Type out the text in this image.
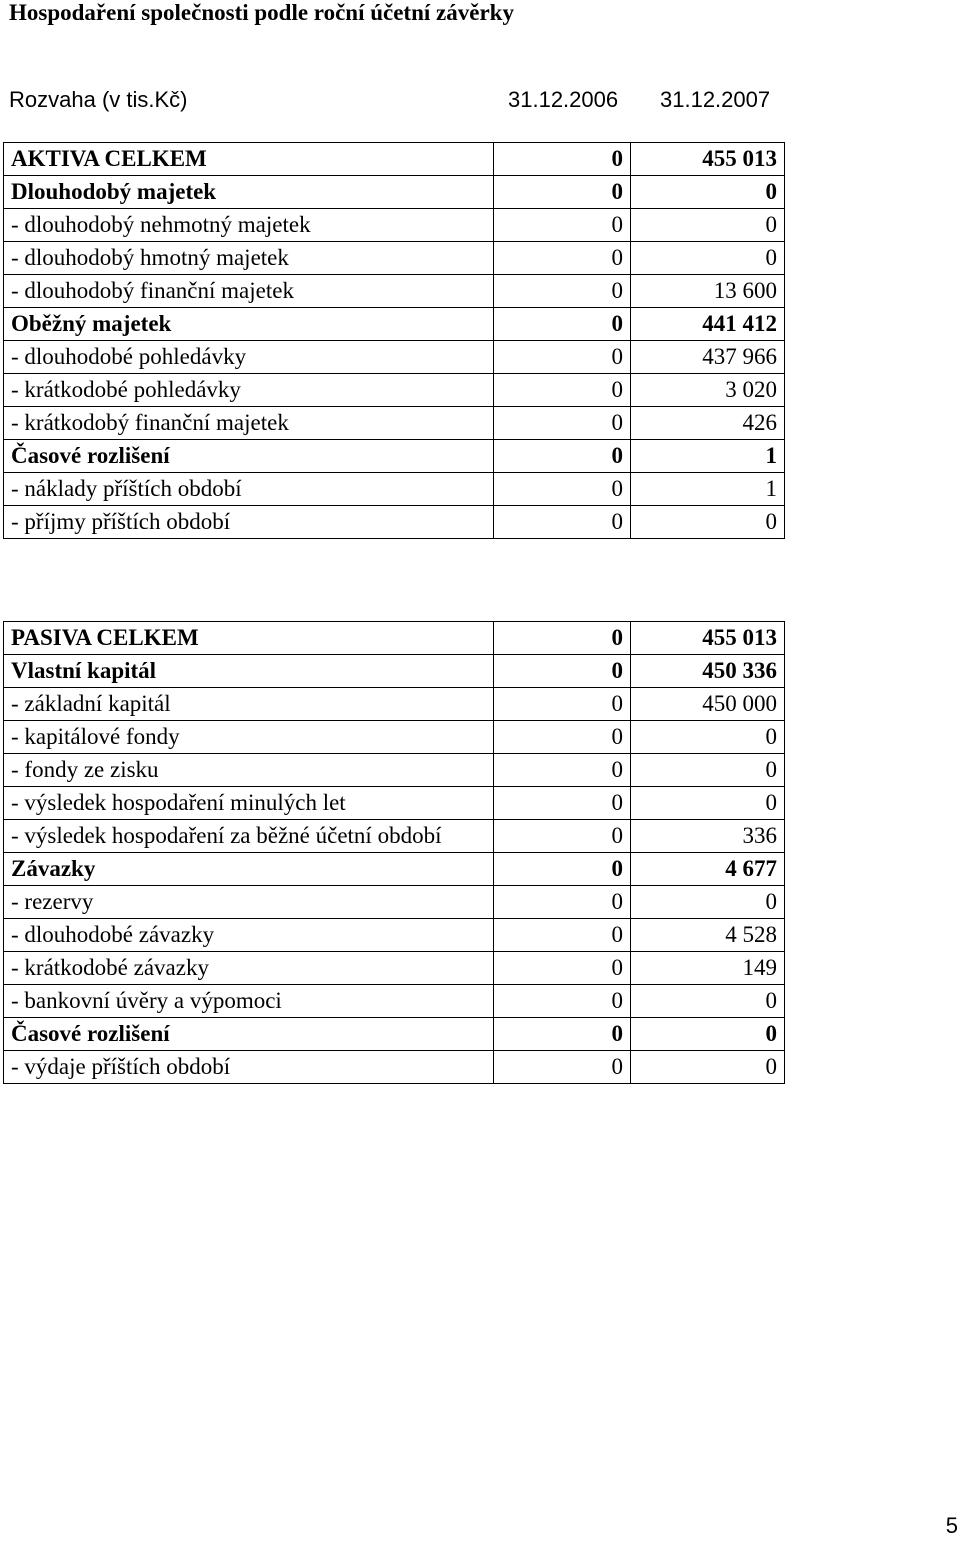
Hospodaření společnosti podle roční účetní závěrky
Rozvaha (v tis.Kč)	31.12.2006 31.12.2007
AKTIVA CELKEM	0	455 013
Dlouhodobý majetek	0	0
- dlouhodobý nehmotný majetek	0	0
- dlouhodobý hmotný majetek	0	0
- dlouhodobý finanční majetek	0	13 600
Oběžný majetek	0	441 412
- dlouhodobé pohledávky	0	437 966
- krátkodobé pohledávky	0	3 020
- krátkodobý finanční majetek	0	426
Časové rozlišení	0	1
- náklady příštích období	0	1
- příjmy příštích období	0	0
PASIVA CELKEM	0	455 013
Vlastní kapitál	0	450 336
- základní kapitál	0	450 000
- kapitálové fondy	0	0
- fondy ze zisku	0	0
- výsledek hospodaření minulých let	0	0
- výsledek hospodaření za běžné účetní období	0	336
Závazky	0	4 677
- rezervy	0	0
- dlouhodobé závazky	0	4 528
- krátkodobé závazky	0	149
- bankovní úvěry a výpomoci	0	0
Časové rozlišení	0	0
- výdaje příštích období	0	0
5
